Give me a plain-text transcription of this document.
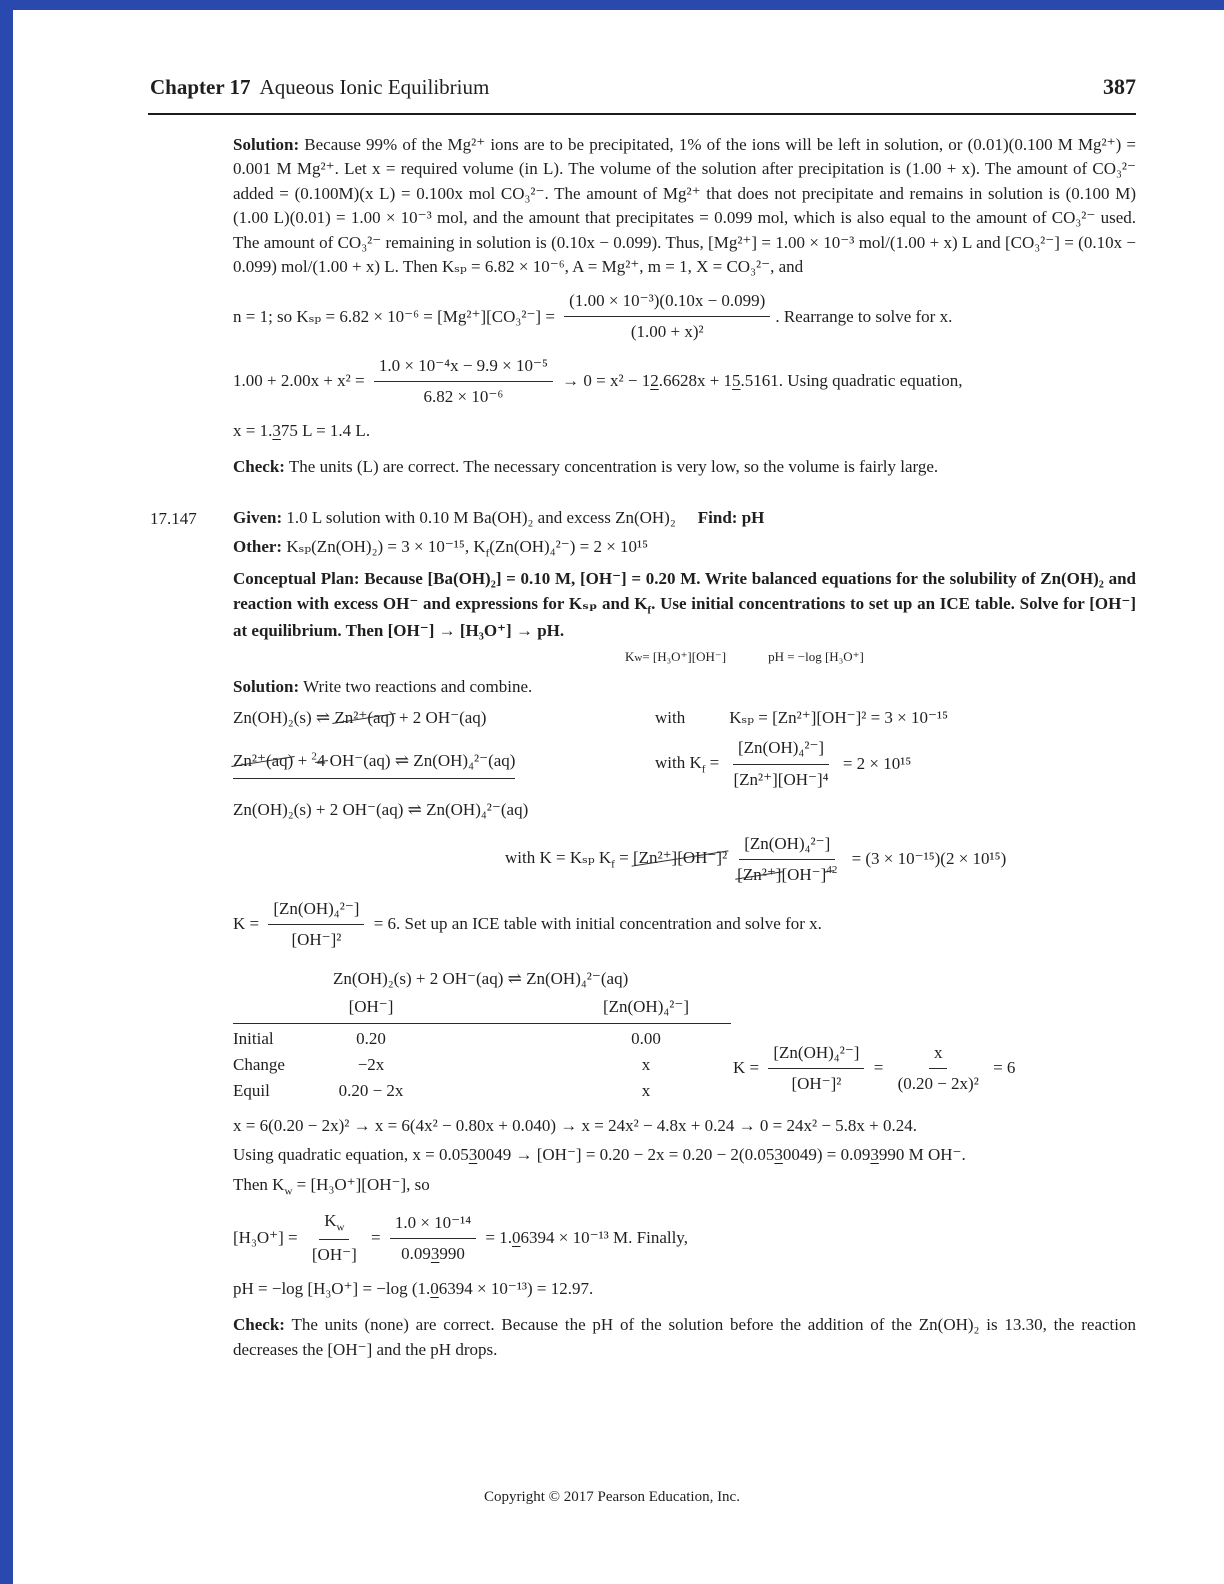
Chapter 17 Aqueous Ionic Equilibrium	387

Solution: Because 99% of the Mg²⁺ ions are to be precipitated, 1% of the ions will be left in solution, or (0.01)(0.100 M Mg²⁺) = 0.001 M Mg²⁺. Let x = required volume (in L). The volume of the solution after precipitation is (1.00 + x). The amount of CO₃²⁻ added = (0.100M)(x L) = 0.100x mol CO₃²⁻. The amount of Mg²⁺ that does not precipitate and remains in solution is (0.100 M)(1.00 L)(0.01) = 1.00 × 10⁻³ mol, and the amount that precipitates = 0.099 mol, which is also equal to the amount of CO₃²⁻ used. The amount of CO₃²⁻ remaining in solution is (0.10x − 0.099). Thus, [Mg²⁺] = 1.00 × 10⁻³ mol/(1.00 + x) L and [CO₃²⁻] = (0.10x − 0.099) mol/(1.00 + x) L. Then Kₛₚ = 6.82 × 10⁻⁶, A = Mg²⁺, m = 1, X = CO₃²⁻, and

n = 1; so $K_{sp} = 6.82 \times 10^{-6} = [Mg^{2+}][CO_3^{2-}] = \frac{\text{(1.00 × 10⁻³)(0.10x − 0.099)}}{\text{(1.00 + x)²}}$ . Rearrange to solve for x.
$1.00 + 2.00x + x^2 = \frac{\text{1.0 × 10⁻⁴x − 9.9 × 10⁻⁵}}{\text{6.82 × 10⁻⁶}} \to 0 = x^2 - 12.6628x + 15.5161$. Using quadratic equation,

x = 1.375 L = 1.4 L.

Check: The units (L) are correct. The necessary concentration is very low, so the volume is fairly large.

17.147 Given: 1.0 L solution with 0.10 M Ba(OH)₂ and excess Zn(OH)₂ Find: pH

Other: Kₛₚ(Zn(OH)₂) = 3 × 10⁻¹⁵, $K_f(Zn(OH)_4^{2-}) = 2 \times 10^{15}$

Conceptual Plan: Because [Ba(OH)₂] = 0.10 M, [OH⁻] = 0.20 M. Write balanced equations for the solubility of Zn(OH)₂ and reaction with excess OH⁻ and expressions for Kₛₚ and $K_f$. Use initial concentrations to set up an ICE table. Solve for [OH⁻] at equilibrium. Then [OH⁻] → [H₃O⁺] → pH.

K w = [H₃O⁺][OH⁻]	pH = −log [H₃O⁺]

Solution: Write two reactions and combine.

Zn(OH)₂(s) ⇌ Zn²⁺(aq) + 2 OH⁻(aq)	with	Kₛₚ = [Zn²⁺][OH⁻]² = 3 × 10⁻¹⁵
Zn²⁺(aq) + $^2$4 OH⁻(aq) ⇌ Zn(OH)₄²⁻(aq)	with $K_f = \frac{\text{[Zn(OH)₄²⁻]}}{\text{[Zn²⁺][OH⁻]⁴}} = 2 \times 10^{15}$
Zn(OH)₂(s) + 2 OH⁻(aq) ⇌ Zn(OH)₄²⁻(aq)
with K = Kₛₚ $K_f = [Zn^{2+}][OH^-]^2 \frac{\text{[Zn(OH)₄²⁻]}}{[Zn^{2+}][OH^-]^{42}} = (3 \times 10^{-15})(2 \times 10^{15})$
$K = \frac{\text{[Zn(OH)₄²⁻]}}{\text{[OH⁻]²}} = 6$. Set up an ICE table with initial concentration and solve for x.
Zn(OH)₂(s) + 2 OH⁻(aq) ⇌ Zn(OH)₄²⁻(aq)
[OH⁻]	[Zn(OH)₄²⁻]
Initial	0.20	0.00
Change	−2x	x
Equil	0.20 − 2x	x
$K = \frac{\text{[Zn(OH)₄²⁻]}}{\text{[OH⁻]²}} = \frac{x}{\text{(0.20 − 2x)²}} = 6$

x = 6(0.20 − 2x)² → x = 6(4x² − 0.80x + 0.040) → x = 24x² − 4.8x + 0.24 → 0 = 24x² − 5.8x + 0.24.

Using quadratic equation, x = 0.0530049 → [OH⁻] = 0.20 − 2x = 0.20 − 2(0.0530049) = 0.093990 M OH⁻.

Then $K_w = [H_3O^+][OH^-]$, so

$[H_3O^+] = \frac{K_w}{[OH^-]} = \frac{\text{1.0 × 10⁻¹⁴}}{0.093990} = 1.06394 \times 10^{-13}$ M. Finally,

pH = −log [H₃O⁺] = −log (1.06394 × 10⁻¹³) = 12.97.

Check: The units (none) are correct. Because the pH of the solution before the addition of the Zn(OH)₂ is 13.30, the reaction decreases the [OH⁻] and the pH drops.

Copyright © 2017 Pearson Education, Inc.
